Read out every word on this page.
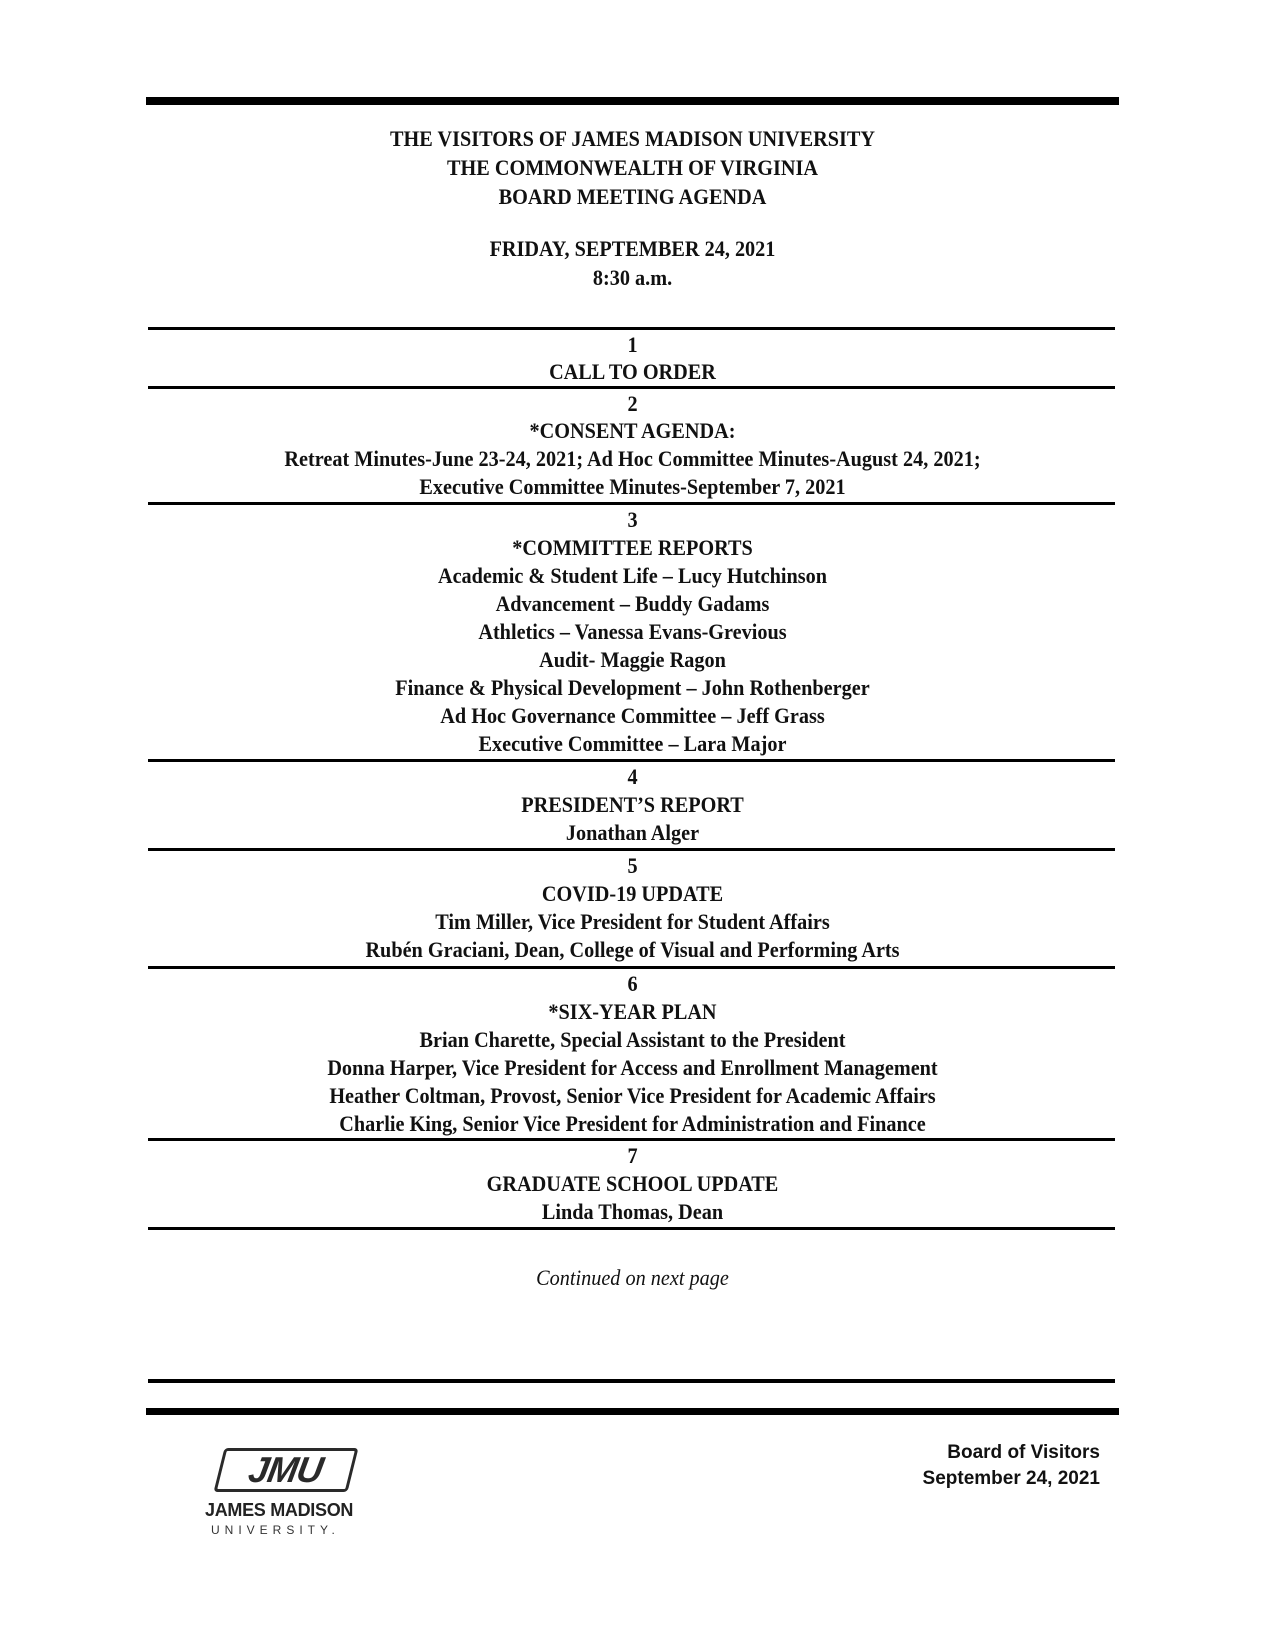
THE VISITORS OF JAMES MADISON UNIVERSITY
THE COMMONWEALTH OF VIRGINIA
BOARD MEETING AGENDA
FRIDAY, SEPTEMBER 24, 2021
8:30 a.m.
1
CALL TO ORDER
2
*CONSENT AGENDA:
Retreat Minutes-June 23-24, 2021; Ad Hoc Committee Minutes-August 24, 2021;
Executive Committee Minutes-September 7, 2021
3
*COMMITTEE REPORTS
Academic & Student Life – Lucy Hutchinson
Advancement – Buddy Gadams
Athletics – Vanessa Evans-Grevious
Audit- Maggie Ragon
Finance & Physical Development – John Rothenberger
Ad Hoc Governance Committee – Jeff Grass
Executive Committee – Lara Major
4
PRESIDENT’S REPORT
Jonathan Alger
5
COVID-19 UPDATE
Tim Miller, Vice President for Student Affairs
Rubén Graciani, Dean, College of Visual and Performing Arts
6
*SIX-YEAR PLAN
Brian Charette, Special Assistant to the President
Donna Harper, Vice President for Access and Enrollment Management
Heather Coltman, Provost, Senior Vice President for Academic Affairs
Charlie King, Senior Vice President for Administration and Finance
7
GRADUATE SCHOOL UPDATE
Linda Thomas, Dean
Continued on next page
JMU
JAMES MADISON
UNIVERSITY.
Board of Visitors
September 24, 2021
